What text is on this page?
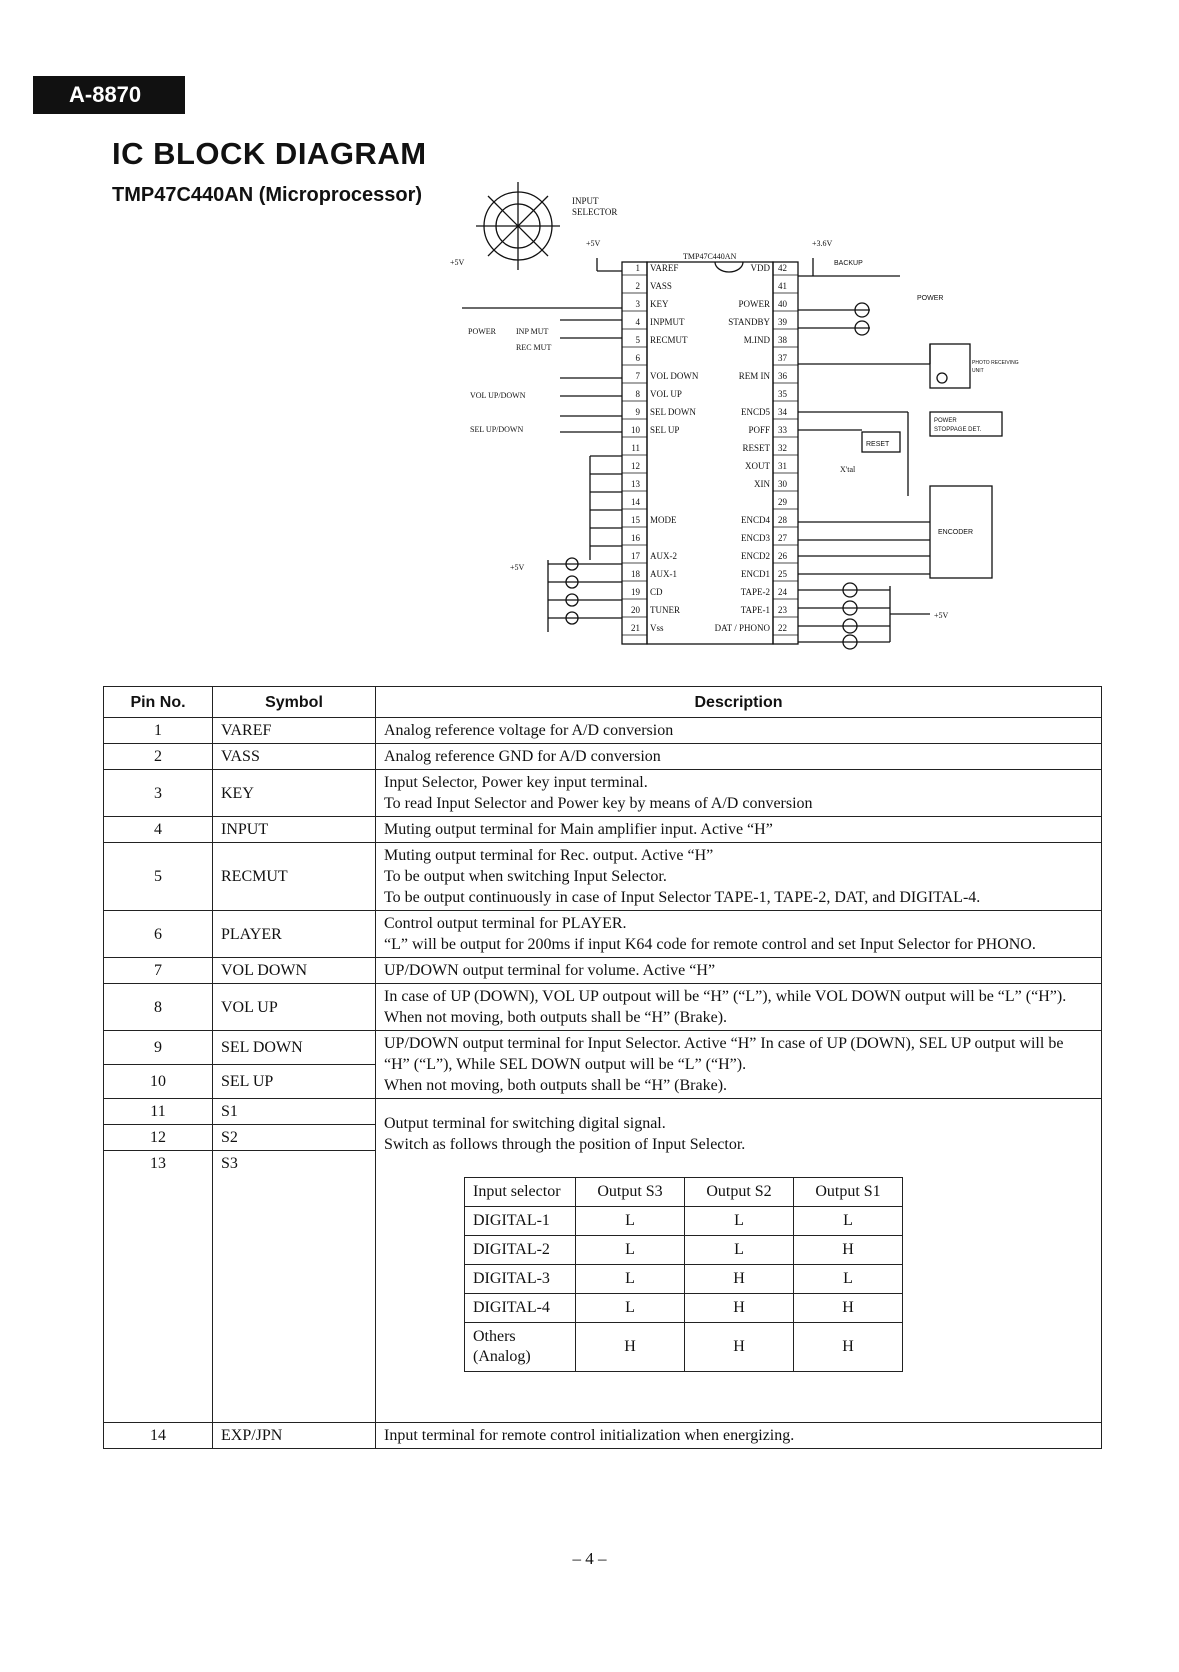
A-8870
IC BLOCK DIAGRAM
TMP47C440AN (Microprocessor)	INPUT
SELECTOR
+5V
+5V	+3.6V
BACKUP
TMP47C440AN
POWER
POWER	INP MUT
REC MUT
VOL UP/DOWN
SEL UP/DOWN
PHOTO RECEIVING
UNIT
POWER
STOPPAGE DET.
RESET
X'tal
ENCODER
+5V
+5V
1 VAREF
2 VASS
3 KEY
4 INPMUT
5 RECMUT
6
7 VOL DOWN
8 VOL UP
9 SEL DOWN
10 SEL UP
11
12
13
14
15 MODE
16
17 AUX-2
18 AUX-1
19 CD
20 TUNER
21 Vss
42
VDD
41
40
POWER
39
STANDBY
38
M.IND
37
36
REM IN
35
34
ENCD5
33
POFF
32
RESET
31
XOUT
30
XIN
29
28
ENCD4
27
ENCD3
26
ENCD2
25
ENCD1
24
TAPE-2
23
TAPE-1
22
DAT / PHONO
Pin No.	Symbol	Description
1	VAREF	Analog reference voltage for A/D conversion
2	VASS	Analog reference GND for A/D conversion
3	KEY	
Input Selector, Power key input terminal.
To read Input Selector and Power key by means of A/D conversion

4	INPUT	Muting output terminal for Main amplifier input. Active “H”
5	RECMUT	
Muting output terminal for Rec. output. Active “H”
To be output when switching Input Selector.
To be output continuously in case of Input Selector TAPE-1, TAPE-2, DAT, and DIGITAL-4.

6	PLAYER	
Control output terminal for PLAYER.
“L” will be output for 200ms if input K64 code for remote control and set Input Selector for PHONO.

7	VOL DOWN	UP/DOWN output terminal for volume. Active “H”
8	VOL UP	
In case of UP (DOWN), VOL UP outpout will be “H” (“L”), while VOL DOWN output will be “L” (“H”).
When not moving, both outputs shall be “H” (Brake).

9	SEL DOWN	UP/DOWN output terminal for Input Selector. Active “H” In case of UP (DOWN), SEL UP output will be “H” (“L”), While SEL DOWN output will be “L” (“H”).
When not moving, both outputs shall be “H” (Brake).

10	SEL UP
11	S1	
Output terminal for switching digital signal.
Switch as follows through the position of Input Selector.
Input selector	Output S3	Output S2	Output S1
DIGITAL-1	L	L	L
DIGITAL-2	L	L	H
DIGITAL-3	L	H	L
DIGITAL-4	L	H	H
Others (Analog)	H	H	H

12	S2
13	S3
14	EXP/JPN	Input terminal for remote control initialization when energizing.
– 4 –
